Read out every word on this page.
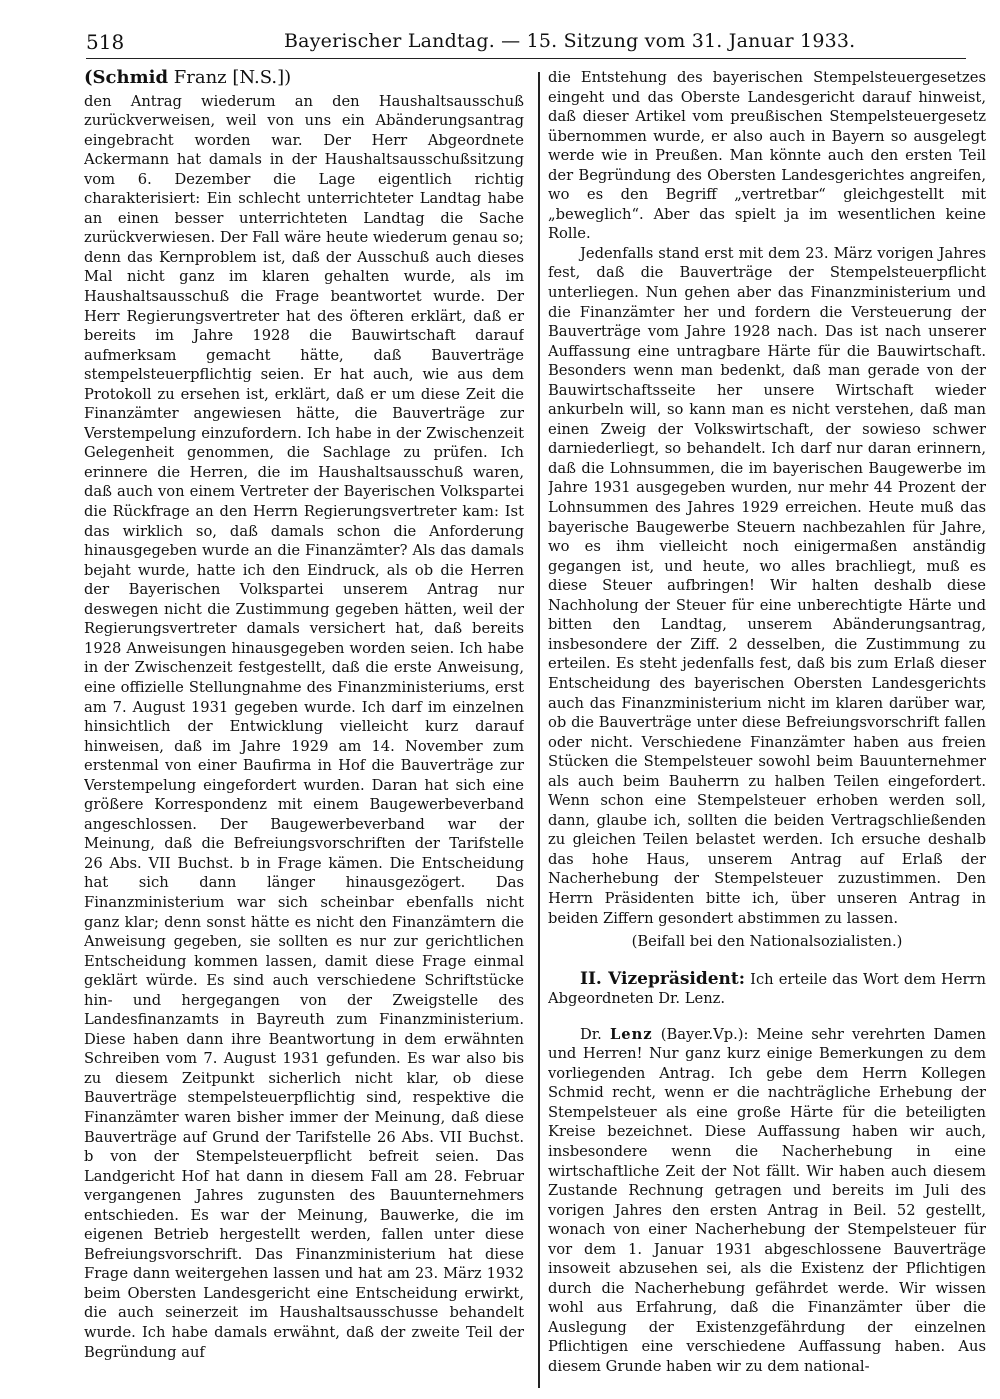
518	Bayerischer Landtag. — 15. Sitzung vom 31. Januar 1933.

(Schmid Franz [N.S.])

den Antrag wiederum an den Haushaltsausschuß zurückverweisen, weil von uns ein Abänderungsantrag eingebracht worden war. Der Herr Abgeordnete Ackermann hat damals in der Haushaltsausschußsitzung vom 6. Dezember die Lage eigentlich richtig charakterisiert: Ein schlecht unterrichteter Landtag habe an einen besser unterrichteten Landtag die Sache zurückverwiesen. Der Fall wäre heute wiederum genau so; denn das Kernproblem ist, daß der Ausschuß auch dieses Mal nicht ganz im klaren gehalten wurde, als im Haushaltsausschuß die Frage beantwortet wurde. Der Herr Regierungsvertreter hat des öfteren erklärt, daß er bereits im Jahre 1928 die Bauwirtschaft darauf aufmerksam gemacht hätte, daß Bauverträge stempelsteuerpflichtig seien. Er hat auch, wie aus dem Protokoll zu ersehen ist, erklärt, daß er um diese Zeit die Finanzämter angewiesen hätte, die Bauverträge zur Verstempelung einzufordern. Ich habe in der Zwischenzeit Gelegenheit genommen, die Sachlage zu prüfen. Ich erinnere die Herren, die im Haushaltsausschuß waren, daß auch von einem Vertreter der Bayerischen Volkspartei die Rückfrage an den Herrn Regierungsvertreter kam: Ist das wirklich so, daß damals schon die Anforderung hinausgegeben wurde an die Finanzämter? Als das damals bejaht wurde, hatte ich den Eindruck, als ob die Herren der Bayerischen Volkspartei unserem Antrag nur deswegen nicht die Zustimmung gegeben hätten, weil der Regierungsvertreter damals versichert hat, daß bereits 1928 Anweisungen hinausgegeben worden seien. Ich habe in der Zwischenzeit festgestellt, daß die erste Anweisung, eine offizielle Stellungnahme des Finanzministeriums, erst am 7. August 1931 gegeben wurde. Ich darf im einzelnen hinsichtlich der Entwicklung vielleicht kurz darauf hinweisen, daß im Jahre 1929 am 14. November zum erstenmal von einer Baufirma in Hof die Bauverträge zur Verstempelung eingefordert wurden. Daran hat sich eine größere Korrespondenz mit einem Baugewerbeverband angeschlossen. Der Baugewerbeverband war der Meinung, daß die Befreiungsvorschriften der Tarifstelle 26 Abs. VII Buchst. b in Frage kämen. Die Entscheidung hat sich dann länger hinausgezögert. Das Finanzministerium war sich scheinbar ebenfalls nicht ganz klar; denn sonst hätte es nicht den Finanzämtern die Anweisung gegeben, sie sollten es nur zur gerichtlichen Entscheidung kommen lassen, damit diese Frage einmal geklärt würde. Es sind auch verschiedene Schriftstücke hin- und hergegangen von der Zweigstelle des Landesfinanzamts in Bayreuth zum Finanzministerium. Diese haben dann ihre Beantwortung in dem erwähnten Schreiben vom 7. August 1931 gefunden. Es war also bis zu diesem Zeitpunkt sicherlich nicht klar, ob diese Bauverträge stempelsteuerpflichtig sind, respektive die Finanzämter waren bisher immer der Meinung, daß diese Bauverträge auf Grund der Tarifstelle 26 Abs. VII Buchst. b von der Stempelsteuerpflicht befreit seien. Das Landgericht Hof hat dann in diesem Fall am 28. Februar vergangenen Jahres zugunsten des Bauunternehmers entschieden. Es war der Meinung, Bauwerke, die im eigenen Betrieb hergestellt werden, fallen unter diese Befreiungsvorschrift. Das Finanzministerium hat diese Frage dann weitergehen lassen und hat am 23. März 1932 beim Obersten Landesgericht eine Entscheidung erwirkt, die auch seinerzeit im Haushaltsausschusse behandelt wurde. Ich habe damals erwähnt, daß der zweite Teil der Begründung auf

die Entstehung des bayerischen Stempelsteuergesetzes eingeht und das Oberste Landesgericht darauf hinweist, daß dieser Artikel vom preußischen Stempelsteuergesetz übernommen wurde, er also auch in Bayern so ausgelegt werde wie in Preußen. Man könnte auch den ersten Teil der Begründung des Obersten Landesgerichtes angreifen, wo es den Begriff „vertretbar“ gleichgestellt mit „beweglich“. Aber das spielt ja im wesentlichen keine Rolle.

Jedenfalls stand erst mit dem 23. März vorigen Jahres fest, daß die Bauverträge der Stempelsteuerpflicht unterliegen. Nun gehen aber das Finanzministerium und die Finanzämter her und fordern die Versteuerung der Bauverträge vom Jahre 1928 nach. Das ist nach unserer Auffassung eine untragbare Härte für die Bauwirtschaft. Besonders wenn man bedenkt, daß man gerade von der Bauwirtschaftsseite her unsere Wirtschaft wieder ankurbeln will, so kann man es nicht verstehen, daß man einen Zweig der Volkswirtschaft, der sowieso schwer darniederliegt, so behandelt. Ich darf nur daran erinnern, daß die Lohnsummen, die im bayerischen Baugewerbe im Jahre 1931 ausgegeben wurden, nur mehr 44 Prozent der Lohnsummen des Jahres 1929 erreichen. Heute muß das bayerische Baugewerbe Steuern nachbezahlen für Jahre, wo es ihm vielleicht noch einigermaßen anständig gegangen ist, und heute, wo alles brachliegt, muß es diese Steuer aufbringen! Wir halten deshalb diese Nachholung der Steuer für eine unberechtigte Härte und bitten den Landtag, unserem Abänderungsantrag, insbesondere der Ziff. 2 desselben, die Zustimmung zu erteilen. Es steht jedenfalls fest, daß bis zum Erlaß dieser Entscheidung des bayerischen Obersten Landesgerichts auch das Finanzministerium nicht im klaren darüber war, ob die Bauverträge unter diese Befreiungsvorschrift fallen oder nicht. Verschiedene Finanzämter haben aus freien Stücken die Stempelsteuer sowohl beim Bauunternehmer als auch beim Bauherrn zu halben Teilen eingefordert. Wenn schon eine Stempelsteuer erhoben werden soll, dann, glaube ich, sollten die beiden Vertragschließenden zu gleichen Teilen belastet werden. Ich ersuche deshalb das hohe Haus, unserem Antrag auf Erlaß der Nacherhebung der Stempelsteuer zuzustimmen. Den Herrn Präsidenten bitte ich, über unseren Antrag in beiden Ziffern gesondert abstimmen zu lassen.

(Beifall bei den Nationalsozialisten.)

II. Vizepräsident: Ich erteile das Wort dem Herrn Abgeordneten Dr. Lenz.

Dr. Lenz (Bayer.Vp.): Meine sehr verehrten Damen und Herren! Nur ganz kurz einige Bemerkungen zu dem vorliegenden Antrag. Ich gebe dem Herrn Kollegen Schmid recht, wenn er die nachträgliche Erhebung der Stempelsteuer als eine große Härte für die beteiligten Kreise bezeichnet. Diese Auffassung haben wir auch, insbesondere wenn die Nacherhebung in eine wirtschaftliche Zeit der Not fällt. Wir haben auch diesem Zustande Rechnung getragen und bereits im Juli des vorigen Jahres den ersten Antrag in Beil. 52 gestellt, wonach von einer Nacherhebung der Stempelsteuer für vor dem 1. Januar 1931 abgeschlossene Bauverträge insoweit abzusehen sei, als die Existenz der Pflichtigen durch die Nacherhebung gefährdet werde. Wir wissen wohl aus Erfahrung, daß die Finanzämter über die Auslegung der Existenzgefährdung der einzelnen Pflichtigen eine verschiedene Auffassung haben. Aus diesem Grunde haben wir zu dem national-
